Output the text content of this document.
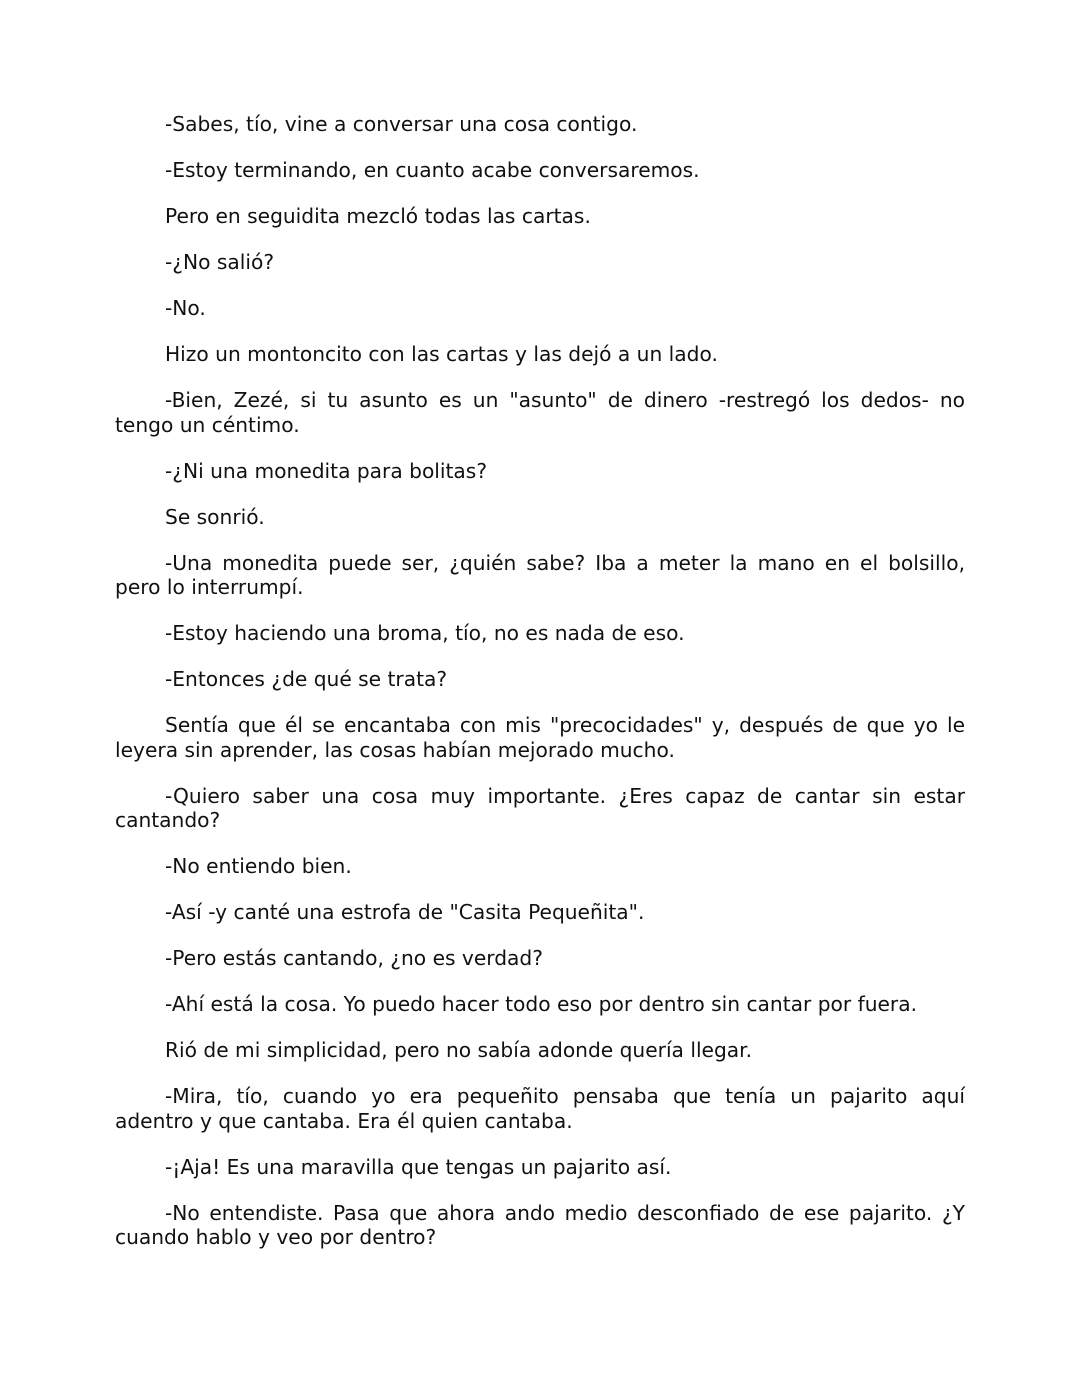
-Sabes, tío, vine a conversar una cosa contigo.

-Estoy terminando, en cuanto acabe conversaremos.

Pero en seguidita mezcló todas las cartas.

-¿No salió?

-No.

Hizo un montoncito con las cartas y las dejó a un lado.

-Bien, Zezé, si tu asunto es un "asunto" de dinero -restregó los dedos- no tengo un céntimo.

-¿Ni una monedita para bolitas?

Se sonrió.

-Una monedita puede ser, ¿quién sabe? Iba a meter la mano en el bolsillo, pero lo interrumpí.

-Estoy haciendo una broma, tío, no es nada de eso.

-Entonces ¿de qué se trata?

Sentía que él se encantaba con mis "precocidades" y, después de que yo le leyera sin aprender, las cosas habían mejorado mucho.

-Quiero saber una cosa muy importante. ¿Eres capaz de cantar sin estar cantando?

-No entiendo bien.

-Así -y canté una estrofa de "Casita Pequeñita".

-Pero estás cantando, ¿no es verdad?

-Ahí está la cosa. Yo puedo hacer todo eso por dentro sin cantar por fuera.

Rió de mi simplicidad, pero no sabía adonde quería llegar.

-Mira, tío, cuando yo era pequeñito pensaba que tenía un pajarito aquí adentro y que cantaba. Era él quien cantaba.

-¡Aja! Es una maravilla que tengas un pajarito así.

-No entendiste. Pasa que ahora ando medio desconfiado de ese pajarito. ¿Y cuando hablo y veo por dentro?
